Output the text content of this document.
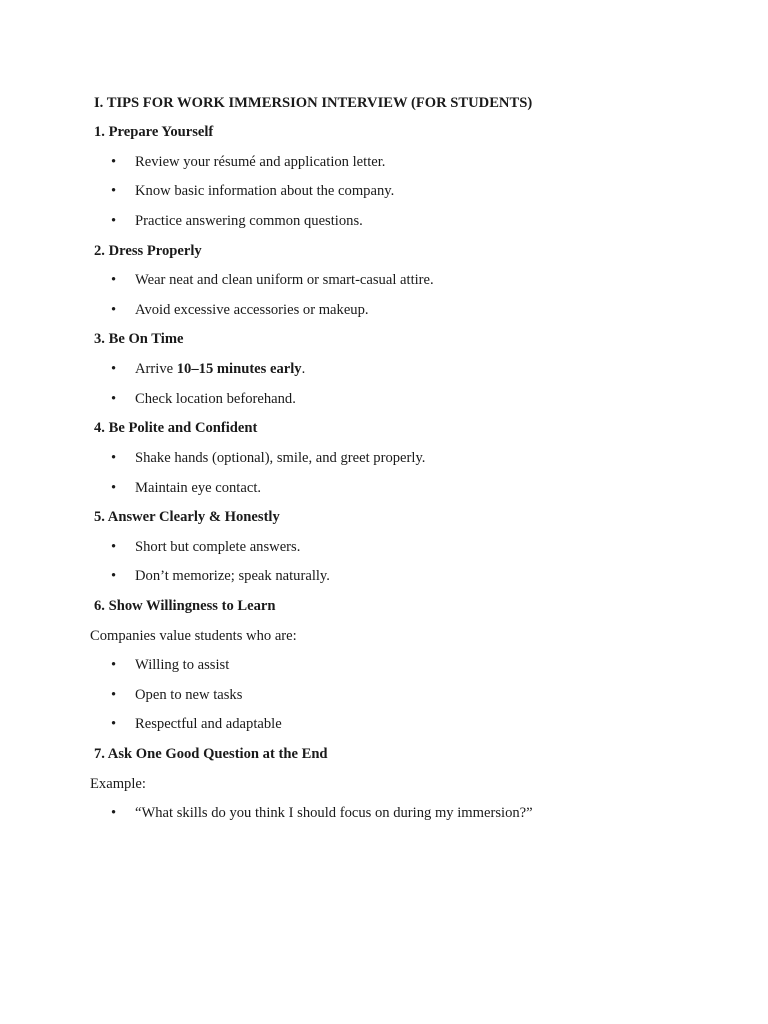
I. TIPS FOR WORK IMMERSION INTERVIEW (FOR STUDENTS)
1. Prepare Yourself
• Review your résumé and application letter.
• Know basic information about the company.
• Practice answering common questions.
2. Dress Properly
• Wear neat and clean uniform or smart-casual attire.
• Avoid excessive accessories or makeup.
3. Be On Time
• Arrive 10–15 minutes early.
• Check location beforehand.
4. Be Polite and Confident
• Shake hands (optional), smile, and greet properly.
• Maintain eye contact.
5. Answer Clearly & Honestly
• Short but complete answers.
• Don’t memorize; speak naturally.
6. Show Willingness to Learn
Companies value students who are:
• Willing to assist
• Open to new tasks
• Respectful and adaptable
7. Ask One Good Question at the End
Example:
• “What skills do you think I should focus on during my immersion?”
